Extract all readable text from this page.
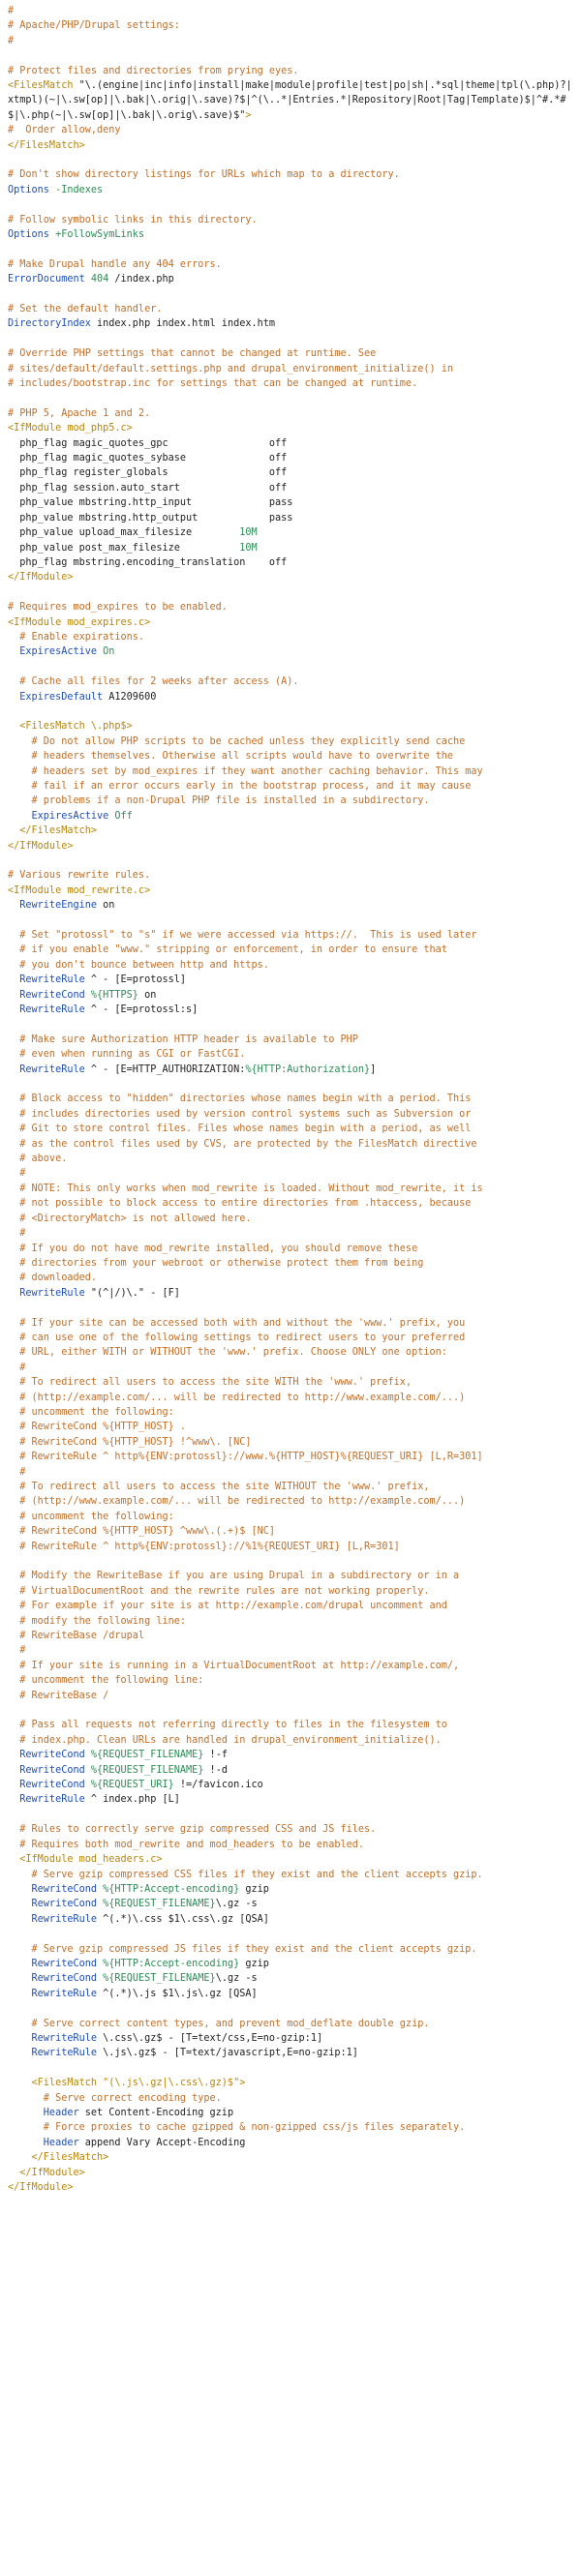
#
# Apache/PHP/Drupal settings:
#
# Protect files and directories from prying eyes.
<FilesMatch "\.(engine|inc|info|install|make|module|profile|test|po|sh|.*sql|theme|tpl(\.php)?|xtmpl)(~|\.sw[op]|\.bak|\.orig|\.save)?$|^(\..*|Entries.*|Repository|Root|Tag|Template)$|^#.*#$|\.php(~|\.sw[op]|\.bak|\.orig\.save)$">
#  Order allow,deny
</FilesMatch>
# Don't show directory listings for URLs which map to a directory.
Options -Indexes
# Follow symbolic links in this directory.
Options +FollowSymLinks
# Make Drupal handle any 404 errors.
ErrorDocument 404 /index.php
# Set the default handler.
DirectoryIndex index.php index.html index.htm
# Override PHP settings that cannot be changed at runtime. See
# sites/default/default.settings.php and drupal_environment_initialize() in
# includes/bootstrap.inc for settings that can be changed at runtime.
# PHP 5, Apache 1 and 2.
<IfModule mod_php5.c>
php_flag magic_quotes_gpc                 off
php_flag magic_quotes_sybase              off
php_flag register_globals                 off
php_flag session.auto_start               off
php_value mbstring.http_input             pass
php_value mbstring.http_output            pass
php_value upload_max_filesize        10M
php_value post_max_filesize          10M
php_flag mbstring.encoding_translation    off
</IfModule>
# Requires mod_expires to be enabled.
<IfModule mod_expires.c>
# Enable expirations.
ExpiresActive On
# Cache all files for 2 weeks after access (A).
ExpiresDefault A1209600
<FilesMatch \.php$>
# Do not allow PHP scripts to be cached unless they explicitly send cache
# headers themselves. Otherwise all scripts would have to overwrite the
# headers set by mod_expires if they want another caching behavior. This may
# fail if an error occurs early in the bootstrap process, and it may cause
# problems if a non-Drupal PHP file is installed in a subdirectory.
ExpiresActive Off
</FilesMatch>
</IfModule>
# Various rewrite rules.
<IfModule mod_rewrite.c>
RewriteEngine on
# Set "protossl" to "s" if we were accessed via https://.  This is used later
# if you enable "www." stripping or enforcement, in order to ensure that
# you don't bounce between http and https.
RewriteRule ^ - [E=protossl]
RewriteCond %{HTTPS} on
RewriteRule ^ - [E=protossl:s]
# Make sure Authorization HTTP header is available to PHP
# even when running as CGI or FastCGI.
RewriteRule ^ - [E=HTTP_AUTHORIZATION:%{HTTP:Authorization}]
# Block access to "hidden" directories whose names begin with a period. This
# includes directories used by version control systems such as Subversion or
# Git to store control files. Files whose names begin with a period, as well
# as the control files used by CVS, are protected by the FilesMatch directive
# above.
#
# NOTE: This only works when mod_rewrite is loaded. Without mod_rewrite, it is
# not possible to block access to entire directories from .htaccess, because
# <DirectoryMatch> is not allowed here.
#
# If you do not have mod_rewrite installed, you should remove these
# directories from your webroot or otherwise protect them from being
# downloaded.
RewriteRule "(^|/)\." - [F]
# If your site can be accessed both with and without the 'www.' prefix, you
# can use one of the following settings to redirect users to your preferred
# URL, either WITH or WITHOUT the 'www.' prefix. Choose ONLY one option:
#
# To redirect all users to access the site WITH the 'www.' prefix,
# (http://example.com/... will be redirected to http://www.example.com/...)
# uncomment the following:
# RewriteCond %{HTTP_HOST} .
# RewriteCond %{HTTP_HOST} !^www\. [NC]
# RewriteRule ^ http%{ENV:protossl}://www.%{HTTP_HOST}%{REQUEST_URI} [L,R=301]
#
# To redirect all users to access the site WITHOUT the 'www.' prefix,
# (http://www.example.com/... will be redirected to http://example.com/...)
# uncomment the following:
# RewriteCond %{HTTP_HOST} ^www\.(.+)$ [NC]
# RewriteRule ^ http%{ENV:protossl}://%1%{REQUEST_URI} [L,R=301]
# Modify the RewriteBase if you are using Drupal in a subdirectory or in a
# VirtualDocumentRoot and the rewrite rules are not working properly.
# For example if your site is at http://example.com/drupal uncomment and
# modify the following line:
# RewriteBase /drupal
#
# If your site is running in a VirtualDocumentRoot at http://example.com/,
# uncomment the following line:
# RewriteBase /
# Pass all requests not referring directly to files in the filesystem to
# index.php. Clean URLs are handled in drupal_environment_initialize().
RewriteCond %{REQUEST_FILENAME} !-f
RewriteCond %{REQUEST_FILENAME} !-d
RewriteCond %{REQUEST_URI} !=/favicon.ico
RewriteRule ^ index.php [L]
# Rules to correctly serve gzip compressed CSS and JS files.
# Requires both mod_rewrite and mod_headers to be enabled.
<IfModule mod_headers.c>
# Serve gzip compressed CSS files if they exist and the client accepts gzip.
RewriteCond %{HTTP:Accept-encoding} gzip
RewriteCond %{REQUEST_FILENAME}\.gz -s
RewriteRule ^(.*)\.css $1\.css\.gz [QSA]
# Serve gzip compressed JS files if they exist and the client accepts gzip.
RewriteCond %{HTTP:Accept-encoding} gzip
RewriteCond %{REQUEST_FILENAME}\.gz -s
RewriteRule ^(.*)\.js $1\.js\.gz [QSA]
# Serve correct content types, and prevent mod_deflate double gzip.
RewriteRule \.css\.gz$ - [T=text/css,E=no-gzip:1]
RewriteRule \.js\.gz$ - [T=text/javascript,E=no-gzip:1]
<FilesMatch "(\.js\.gz|\.css\.gz)$">
# Serve correct encoding type.
Header set Content-Encoding gzip
# Force proxies to cache gzipped & non-gzipped css/js files separately.
Header append Vary Accept-Encoding
</FilesMatch>
</IfModule>
</IfModule>
